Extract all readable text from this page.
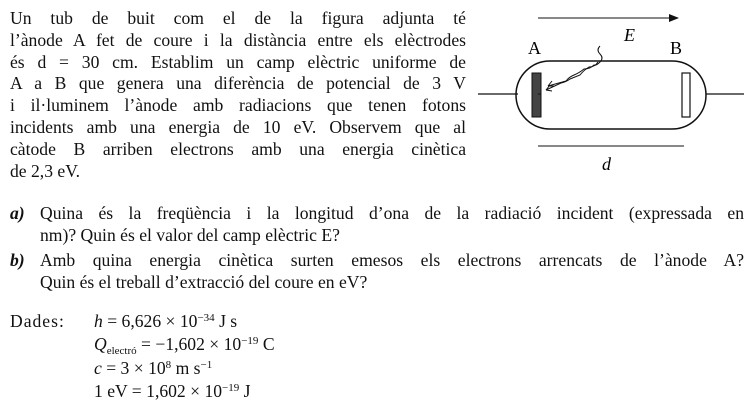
Un tub de buit com el de la figura adjunta té
l’ànode A fet de coure i la distància entre els elèctrodes
és d = 30 cm. Establim un camp elèctric uniforme de
A a B que genera una diferència de potencial de 3 V
i il·luminem l’ànode amb radiacions que tenen fotons
incidents amb una energia de 10 eV. Observem que al
càtode B arriben electrons amb una energia cinètica
de 2,3 eV.
a) Quina és la freqüència i la longitud d’ona de la radiació incident (expressada en
nm)? Quin és el valor del camp elèctric E?
b) Amb quina energia cinètica surten emesos els electrons arrencats de l’ànode A?
Quin és el treball d’extracció del coure en eV?
Dades: $h = 6,626 \times 10^{-34}$ J s
$Q_{electró} = -1,602 \times 10^{-19}$ C
$c = 3 \times 10^8$ m $s^{-1}$
1 eV = $1,602 \times 10^{-19}$ J
E
A	B
d
